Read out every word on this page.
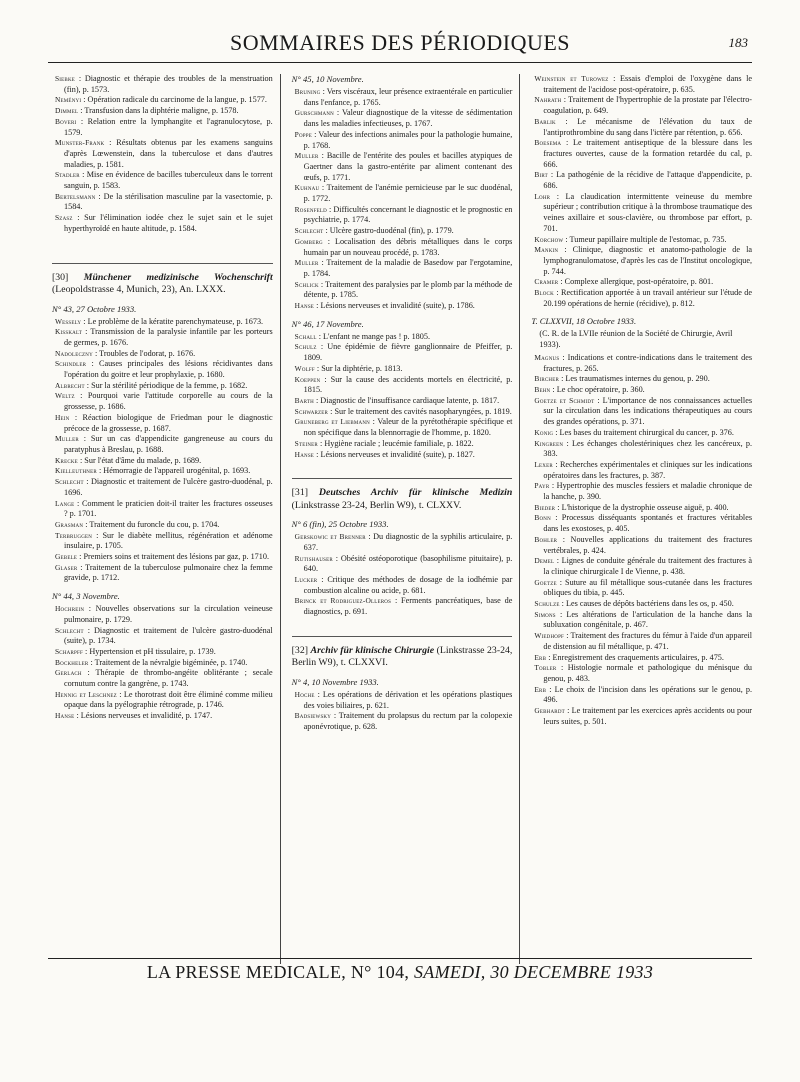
SOMMAIRES DES PÉRIODIQUES	183

Siebke : Diagnostic et thérapie des troubles de la menstruation (fin), p. 1573.

Neményi : Opération radicale du carcinome de la langue, p. 1577.

Dimmel : Transfusion dans la diphtérie maligne, p. 1578.

Boveri : Relation entre la lymphangite et l'agranulocytose, p. 1579.

Munster-Frank : Résultats obtenus par les examens sanguins d'après Lœwenstein, dans la tuberculose et dans d'autres maladies, p. 1581.

Stadler : Mise en évidence de bacilles tuberculeux dans le torrent sanguin, p. 1583.

Bertelsmann : De la stérilisation masculine par la vasectomie, p. 1584.

Szasz : Sur l'élimination iodée chez le sujet sain et le sujet hyperthyroïdé en haute altitude, p. 1584.

[30] Münchener medizinische Wochenschrift (Leopoldstrasse 4, Munich, 23), An. LXXX.
N° 43, 27 Octobre 1933.

Wessely : Le problème de la kératite parenchymateuse, p. 1673.

Kisskalt : Transmission de la paralysie infantile par les porteurs de germes, p. 1676.

Nadoleczny : Troubles de l'odorat, p. 1676.

Schindler : Causes principales des lésions récidivantes dans l'opération du goitre et leur prophylaxie, p. 1680.

Albrecht : Sur la stérilité périodique de la femme, p. 1682.

Weltz : Pourquoi varie l'attitude corporelle au cours de la grossesse, p. 1686.

Hein : Réaction biologique de Friedman pour le diagnostic précoce de la grossesse, p. 1687.

Muller : Sur un cas d'appendicite gangreneuse au cours du paratyphus à Breslau, p. 1688.

Krecke : Sur l'état d'âme du malade, p. 1689.

Kielleuthner : Hémorragie de l'appareil urogénital, p. 1693.

Schlecht : Diagnostic et traitement de l'ulcère gastro-duodénal, p. 1696.

Lange : Comment le praticien doit-il traiter les fractures osseuses ? p. 1701.

Grasman : Traitement du furoncle du cou, p. 1704.

Terbruggen : Sur le diabète mellitus, régénération et adénome insulaire, p. 1705.

Gebele : Premiers soins et traitement des lésions par gaz, p. 1710.

Glaser : Traitement de la tuberculose pulmonaire chez la femme gravide, p. 1712.

N° 44, 3 Novembre.

Hochrein : Nouvelles observations sur la circulation veineuse pulmonaire, p. 1729.

Schlecht : Diagnostic et traitement de l'ulcère gastro-duodénal (suite), p. 1734.

Scharpff : Hypertension et pH tissulaire, p. 1739.

Bockheler : Traitement de la névralgie bigéminée, p. 1740.

Gerlach : Thérapie de thrombo-angéite oblitérante ; secale cornutum contre la gangrène, p. 1743.

Hennig et Leschnez : Le thorotrast doit être éliminé comme milieu opaque dans la pyélographie rétrograde, p. 1746.

Hanse : Lésions nerveuses et invalidité, p. 1747.

N° 45, 10 Novembre.

Bruning : Vers viscéraux, leur présence extraentérale en particulier dans l'enfance, p. 1765.

Gurschmann : Valeur diagnostique de la vitesse de sédimentation dans les maladies infectieuses, p. 1767.

Poppe : Valeur des infections animales pour la pathologie humaine, p. 1768.

Muller : Bacille de l'entérite des poules et bacilles atypiques de Gaertner dans la gastro-entérite par aliment contenant des œufs, p. 1771.

Kuhnau : Traitement de l'anémie pernicieuse par le suc duodénal, p. 1772.

Rosenfeld : Difficultés concernant le diagnostic et le prognostic en psychiatrie, p. 1774.

Schlecht : Ulcère gastro-duodénal (fin), p. 1779.

Gomberg : Localisation des débris métalliques dans le corps humain par un nouveau procédé, p. 1783.

Muller : Traitement de la maladie de Basedow par l'ergotamine, p. 1784.

Schlick : Traitement des paralysies par le plomb par la méthode de détente, p. 1785.

Hanse : Lésions nerveuses et invalidité (suite), p. 1786.

N° 46, 17 Novembre.

Schall : L'enfant ne mange pas ! p. 1805.

Schulz : Une épidémie de fièvre ganglionnaire de Pfeiffer, p. 1809.

Wolff : Sur la diphtérie, p. 1813.

Koeppen : Sur la cause des accidents mortels en électricité, p. 1815.

Barth : Diagnostic de l'insuffisance cardiaque latente, p. 1817.

Schwarzer : Sur le traitement des cavités nasopharyngées, p. 1819.

Gruneberg et Liebmann : Valeur de la pyrétothérapie spécifique et non spécifique dans la blennorragie de l'homme, p. 1820.

Steiner : Hygiène raciale ; leucémie familiale, p. 1822.

Hanse : Lésions nerveuses et invalidité (suite), p. 1827.

[31] Deutsches Archiv für klinische Medizin (Linkstrasse 23-24, Berlin W9), t. CLXXV.
N° 6 (fin), 25 Octobre 1933.

Gerskowic et Brenner : Du diagnostic de la syphilis articulaire, p. 637.

Rutishauser : Obésité ostéoporotique (basophilisme pituitaire), p. 640.

Lucker : Critique des méthodes de dosage de la iodhémie par combustion alcaline ou acide, p. 681.

Brinck et Rodriguez-Olleros : Ferments pancréatiques, base de diagnostics, p. 691.

[32] Archiv für klinische Chirurgie (Linkstrasse 23-24, Berlin W9), t. CLXXVI.
N° 4, 10 Novembre 1933.

Hoche : Les opérations de dérivation et les opérations plastiques des voies biliaires, p. 621.

Badsiewsky : Traitement du prolapsus du rectum par la colopexie aponévrotique, p. 628.

Weinstein et Turowez : Essais d'emploi de l'oxygène dans le traitement de l'acidose post-opératoire, p. 635.

Nahrath : Traitement de l'hypertrophie de la prostate par l'électro-coagulation, p. 649.

Barlik : Le mécanisme de l'élévation du taux de l'antiprothrombine du sang dans l'ictère par rétention, p. 656.

Boesema : Le traitement antiseptique de la blessure dans les fractures ouvertes, cause de la formation retardée du cal, p. 666.

Birt : La pathogénie de la récidive de l'attaque d'appendicite, p. 686.

Lohr : La claudication intermittente veineuse du membre supérieur ; contribution critique à la thrombose traumatique des veines axillaire et sous-clavière, ou thrombose par effort, p. 701.

Korchow : Tumeur papillaire multiple de l'estomac, p. 735.

Mankin : Clinique, diagnostic et anatomo-pathologie de la lymphogranulomatose, d'après les cas de l'Institut oncologique, p. 744.

Cramer : Complexe allergique, post-opératoire, p. 801.

Block : Rectification apportée à un travail antérieur sur l'étude de 20.199 opérations de hernie (récidive), p. 812.

T. CLXXVII, 18 Octobre 1933.
(C. R. de la LVIIe réunion de la Société de Chirurgie, Avril 1933).

Magnus : Indications et contre-indications dans le traitement des fractures, p. 265.

Bircher : Les traumatismes internes du genou, p. 290.

Behn : Le choc opératoire, p. 360.

Goetze et Schmidt : L'importance de nos connaissances actuelles sur la circulation dans les indications thérapeutiques au cours des grandes opérations, p. 371.

Konig : Les bases du traitement chirurgical du cancer, p. 376.

Kingreen : Les échanges cholestériniques chez les cancéreux, p. 383.

Lexer : Recherches expérimentales et cliniques sur les indications opératoires dans les fractures, p. 387.

Payr : Hypertrophie des muscles fessiers et maladie chronique de la hanche, p. 390.

Bieder : L'historique de la dystrophie osseuse aiguë, p. 400.

Bonn : Processus disséquants spontanés et fractures véritables dans les exostoses, p. 405.

Bohler : Nouvelles applications du traitement des fractures vertébrales, p. 424.

Demel : Lignes de conduite générale du traitement des fractures à la clinique chirurgicale I de Vienne, p. 438.

Goetze : Suture au fil métallique sous-cutanée dans les fractures obliques du tibia, p. 445.

Schulze : Les causes de dépôts bactériens dans les os, p. 450.

Simons : Les altérations de l'articulation de la hanche dans la subluxation congénitale, p. 467.

Wiedhopf : Traitement des fractures du fémur à l'aide d'un appareil de distension au fil métallique, p. 471.

Erb : Enregistrement des craquements articulaires, p. 475.

Tobler : Histologie normale et pathologique du ménisque du genou, p. 483.

Erb : Le choix de l'incision dans les opérations sur le genou, p. 496.

Gebhardt : Le traitement par les exercices après accidents ou pour leurs suites, p. 501.

LA PRESSE MEDICALE, N° 104, SAMEDI, 30 DECEMBRE 1933
